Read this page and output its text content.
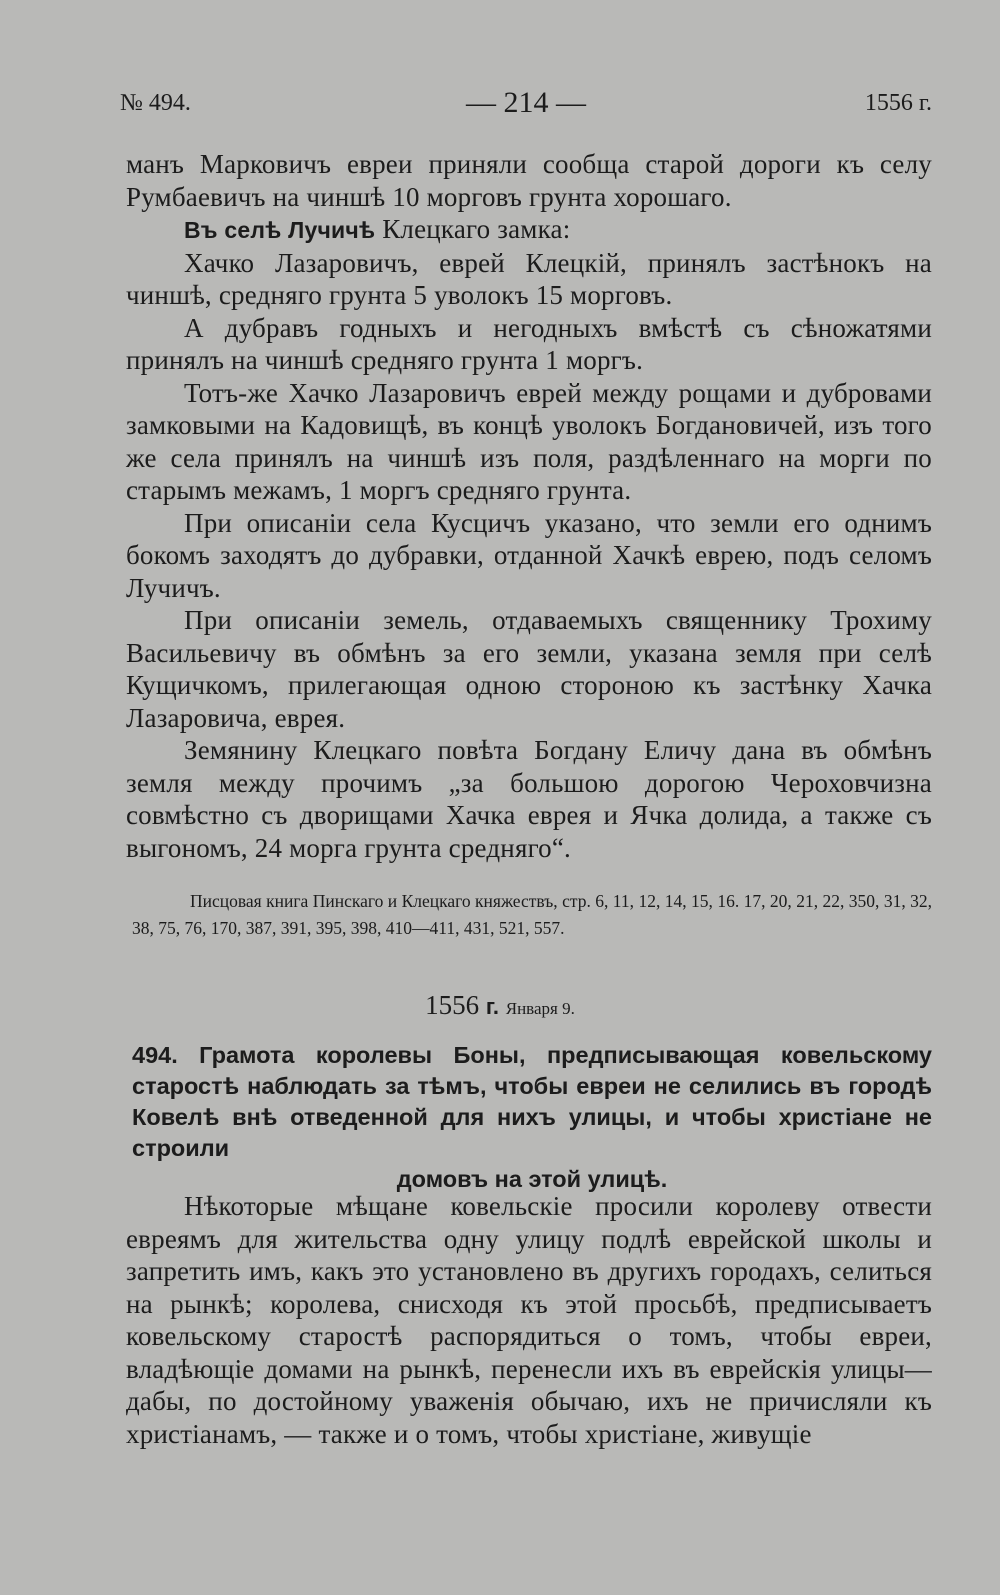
№ 494.	— 214 —	1556 г.

манъ Марковичъ евреи приняли сообща старой дороги къ селу Румбаевичъ на чиншѣ 10 морговъ грунта хорошаго.

Въ селѣ Лучичѣ Клецкаго замка:

Хачко Лазаровичъ, еврей Клецкій, принялъ застѣнокъ на чиншѣ, средняго грунта 5 уволокъ 15 морговъ.

А дубравъ годныхъ и негодныхъ вмѣстѣ съ сѣножатями принялъ на чиншѣ средняго грунта 1 моргъ.

Тотъ-же Хачко Лазаровичъ еврей между рощами и дубровами замковыми на Кадовищѣ, въ концѣ уволокъ Богдановичей, изъ того же села принялъ на чиншѣ изъ поля, раздѣленнаго на морги по старымъ межамъ, 1 моргъ средняго грунта.

При описаніи села Кусцичъ указано, что земли его однимъ бокомъ заходятъ до дубравки, отданной Хачкѣ еврею, подъ селомъ Лучичъ.

При описаніи земель, отдаваемыхъ священнику Трохиму Васильевичу въ обмѣнъ за его земли, указана земля при селѣ Кущичкомъ, прилегающая одною стороною къ застѣнку Хачка Лазаровича, еврея.

Земянину Клецкаго повѣта Богдану Еличу дана въ обмѣнъ земля между прочимъ „за большою дорогою Чероховчизна совмѣстно съ дворищами Хачка еврея и Ячка долида, а также съ выгономъ, 24 морга грунта средняго“.

Писцовая книга Пинскаго и Клецкаго княжествъ, стр. 6, 11, 12, 14, 15, 16. 17, 20, 21, 22, 350, 31, 32, 38, 75, 76, 170, 387, 391, 395, 398, 410—411, 431, 521, 557.
1556 г. Января 9.
494. Грамота королевы Боны, предписывающая ковельскому старостѣ наблюдать за тѣмъ, чтобы евреи не селились въ городѣ Ковелѣ внѣ отведенной для нихъ улицы, и чтобы христіане не строили
домовъ на этой улицѣ.

Нѣкоторые мѣщане ковельскіе просили королеву отвести евреямъ для жительства одну улицу подлѣ еврейской школы и запретить имъ, какъ это установлено въ другихъ городахъ, селиться на рынкѣ; королева, снисходя къ этой просьбѣ, предписываетъ ковельскому старостѣ распорядиться о томъ, чтобы евреи, владѣющіе домами на рынкѣ, перенесли ихъ въ еврейскія улицы— дабы, по достойному уваженія обычаю, ихъ не причисляли къ христіанамъ, — также и о томъ, чтобы христіане, живущіе
